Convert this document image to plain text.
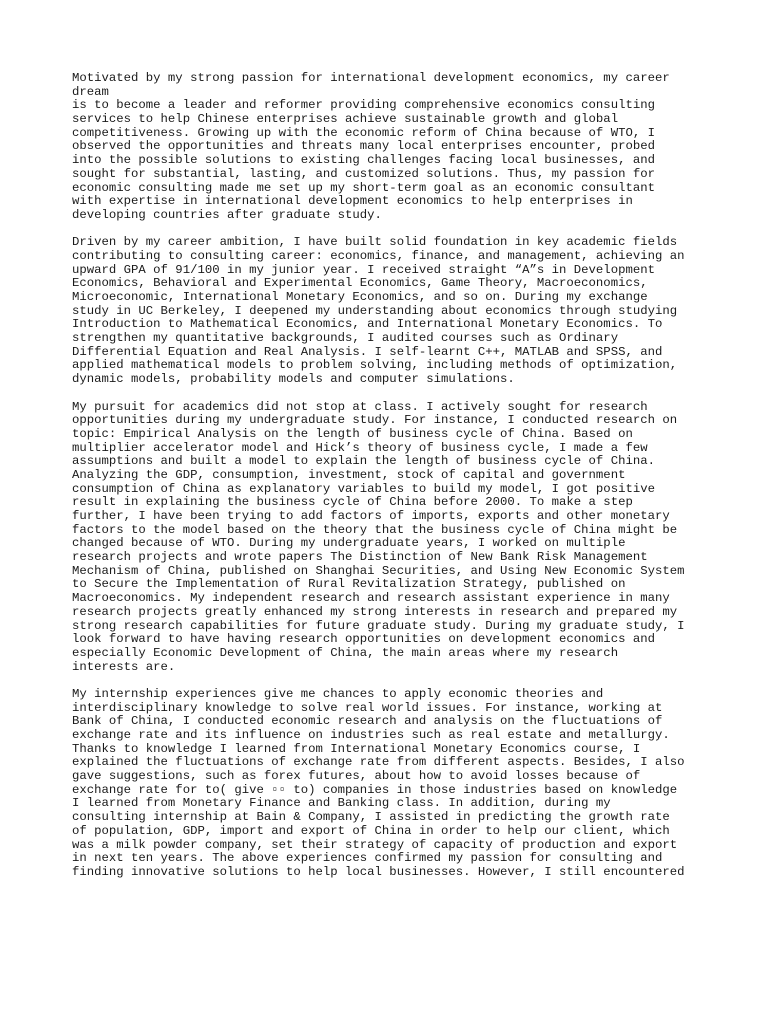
Motivated by my strong passion for international development economics, my career
dream
is to become a leader and reformer providing comprehensive economics consulting
services to help Chinese enterprises achieve sustainable growth and global
competitiveness. Growing up with the economic reform of China because of WTO, I
observed the opportunities and threats many local enterprises encounter, probed
into the possible solutions to existing challenges facing local businesses, and
sought for substantial, lasting, and customized solutions. Thus, my passion for
economic consulting made me set up my short-term goal as an economic consultant
with expertise in international development economics to help enterprises in
developing countries after graduate study.
Driven by my career ambition, I have built solid foundation in key academic fields
contributing to consulting career: economics, finance, and management, achieving an
upward GPA of 91/100 in my junior year. I received straight “A”s in Development
Economics, Behavioral and Experimental Economics, Game Theory, Macroeconomics,
Microeconomic, International Monetary Economics, and so on. During my exchange
study in UC Berkeley, I deepened my understanding about economics through studying
Introduction to Mathematical Economics, and International Monetary Economics. To
strengthen my quantitative backgrounds, I audited courses such as Ordinary
Differential Equation and Real Analysis. I self-learnt C++, MATLAB and SPSS, and
applied mathematical models to problem solving, including methods of optimization,
dynamic models, probability models and computer simulations.
My pursuit for academics did not stop at class. I actively sought for research
opportunities during my undergraduate study. For instance, I conducted research on
topic: Empirical Analysis on the length of business cycle of China. Based on
multiplier accelerator model and Hick’s theory of business cycle, I made a few
assumptions and built a model to explain the length of business cycle of China.
Analyzing the GDP, consumption, investment, stock of capital and government
consumption of China as explanatory variables to build my model, I got positive
result in explaining the business cycle of China before 2000. To make a step
further, I have been trying to add factors of imports, exports and other monetary
factors to the model based on the theory that the business cycle of China might be
changed because of WTO. During my undergraduate years, I worked on multiple
research projects and wrote papers The Distinction of New Bank Risk Management
Mechanism of China, published on Shanghai Securities, and Using New Economic System
to Secure the Implementation of Rural Revitalization Strategy, published on
Macroeconomics. My independent research and research assistant experience in many
research projects greatly enhanced my strong interests in research and prepared my
strong research capabilities for future graduate study. During my graduate study, I
look forward to have having research opportunities on development economics and
especially Economic Development of China, the main areas where my research
interests are.
My internship experiences give me chances to apply economic theories and
interdisciplinary knowledge to solve real world issues. For instance, working at
Bank of China, I conducted economic research and analysis on the fluctuations of
exchange rate and its influence on industries such as real estate and metallurgy.
Thanks to knowledge I learned from International Monetary Economics course, I
explained the fluctuations of exchange rate from different aspects. Besides, I also
gave suggestions, such as forex futures, about how to avoid losses because of
exchange rate for to( give ▫▫ to) companies in those industries based on knowledge
I learned from Monetary Finance and Banking class. In addition, during my
consulting internship at Bain & Company, I assisted in predicting the growth rate
of population, GDP, import and export of China in order to help our client, which
was a milk powder company, set their strategy of capacity of production and export
in next ten years. The above experiences confirmed my passion for consulting and
finding innovative solutions to help local businesses. However, I still encountered
